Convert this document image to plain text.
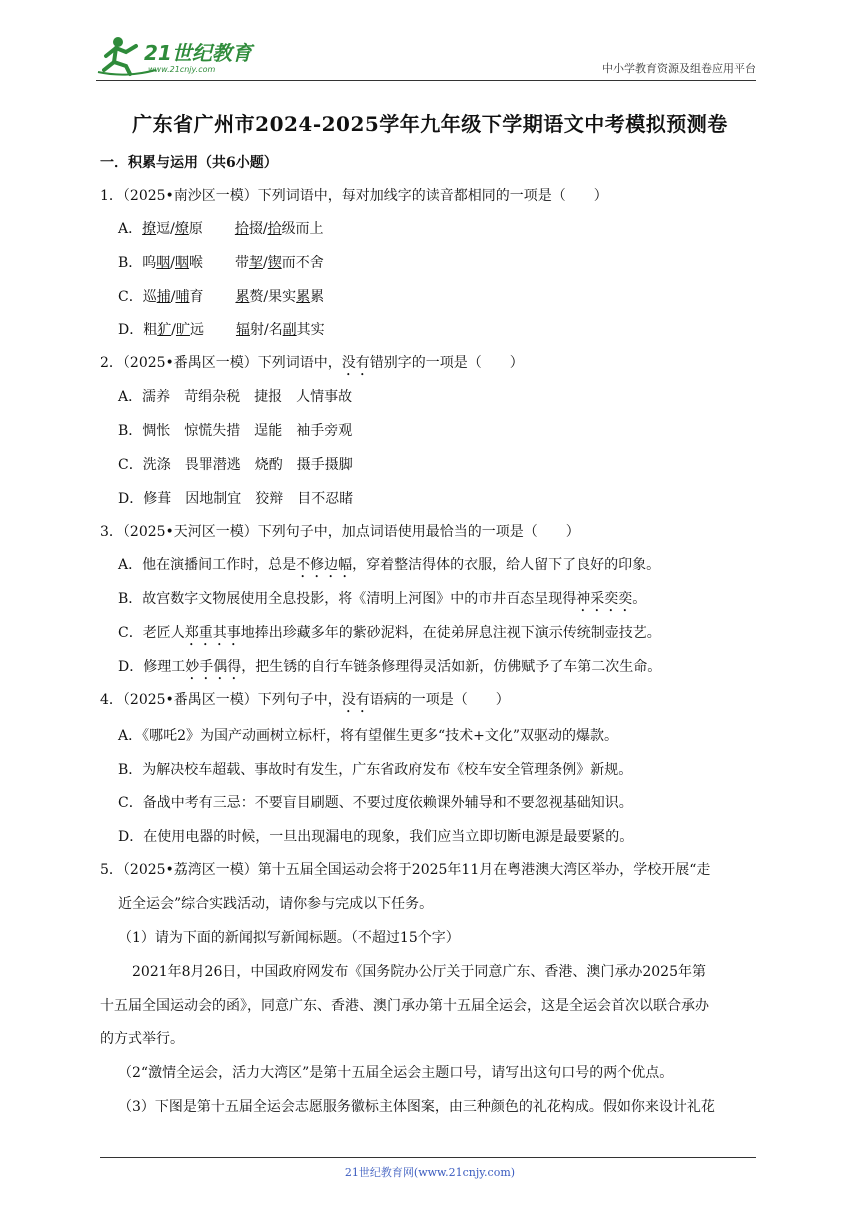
21世纪教育
www.21cnjy.com	中小学教育资源及组卷应用平台
广东省广州市2024-2025学年九年级下学期语文中考模拟预测卷
一．积累与运用（共6小题）
1．（2025•南沙区一模）下列词语中，每对加线字的读音都相同的一项是（　　）
A．撩逗/燎原 拾掇/拾级而上
B．呜咽/咽喉 带挈/锲而不舍
C．巡捕/哺育 累赘/果实累累
D．粗犷/旷远 辐射/名副其实
2．（2025•番禺区一模）下列词语中，没有错别字的一项是（　　）
A．濡养　苛绢杂税　捷报　人情事故
B．惆怅　惊慌失措　逞能　袖手旁观
C．洗涤　畏罪潜逃　烧酌　摄手摄脚
D．修葺　因地制宜　狡辩　目不忍睹
3．（2025•天河区一模）下列句子中，加点词语使用最恰当的一项是（　　）
A．他在演播间工作时，总是不修边幅，穿着整洁得体的衣服，给人留下了良好的印象。
B．故宫数字文物展使用全息投影，将《清明上河图》中的市井百态呈现得神采奕奕。
C．老匠人郑重其事地捧出珍藏多年的紫砂泥料，在徒弟屏息注视下演示传统制壶技艺。
D．修理工妙手偶得，把生锈的自行车链条修理得灵活如新，仿佛赋予了车第二次生命。
4．（2025•番禺区一模）下列句子中，没有语病的一项是（　　）
A．《哪吒2》为国产动画树立标杆，将有望催生更多“技术+文化”双驱动的爆款。
B．为解决校车超载、事故时有发生，广东省政府发布《校车安全管理条例》新规。
C．备战中考有三忌：不要盲目刷题、不要过度依赖课外辅导和不要忽视基础知识。
D．在使用电器的时候，一旦出现漏电的现象，我们应当立即切断电源是最要紧的。
5．（2025•荔湾区一模）第十五届全国运动会将于2025年11月在粤港澳大湾区举办，学校开展“走
近全运会”综合实践活动，请你参与完成以下任务。
（1）请为下面的新闻拟写新闻标题。（不超过15个字）
2021年8月26日，中国政府网发布《国务院办公厅关于同意广东、香港、澳门承办2025年第
十五届全国运动会的函》，同意广东、香港、澳门承办第十五届全运会，这是全运会首次以联合承办
的方式举行。
（2“激情全运会，活力大湾区”是第十五届全运会主题口号，请写出这句口号的两个优点。
（3）下图是第十五届全运会志愿服务徽标主体图案，由三种颜色的礼花构成。假如你来设计礼花
21世纪教育网(www.21cnjy.com)
